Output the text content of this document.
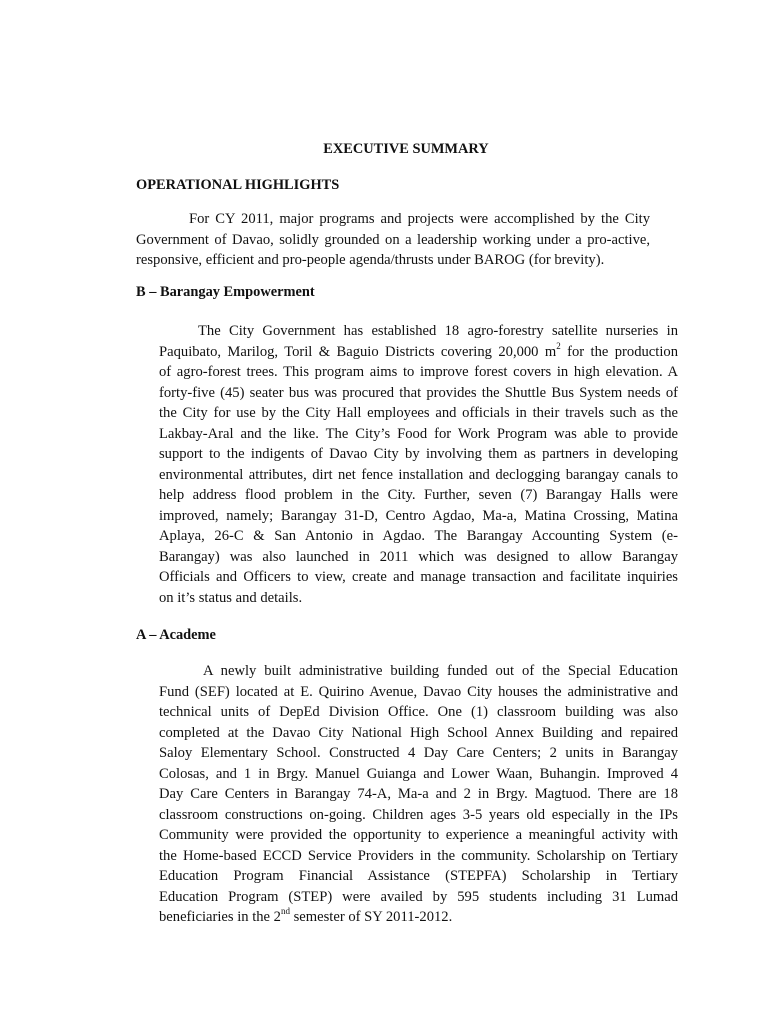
EXECUTIVE SUMMARY
OPERATIONAL HIGHLIGHTS
For CY 2011, major programs and projects were accomplished by the City
Government of Davao, solidly grounded on a leadership working under a pro-active,
responsive, efficient and pro-people agenda/thrusts under BAROG (for brevity).
B – Barangay Empowerment
The City Government has established 18 agro-forestry satellite nurseries in
Paquibato, Marilog, Toril & Baguio Districts covering 20,000 $m^2$ for the production
of agro-forest trees. This program aims to improve forest covers in high elevation. A
forty-five (45) seater bus was procured that provides the Shuttle Bus System needs of
the City for use by the City Hall employees and officials in their travels such as the
Lakbay-Aral and the like. The City’s Food for Work Program was able to provide
support to the indigents of Davao City by involving them as partners in developing
environmental attributes, dirt net fence installation and declogging barangay canals to
help address flood problem in the City. Further, seven (7) Barangay Halls were
improved, namely; Barangay 31-D, Centro Agdao, Ma-a, Matina Crossing, Matina
Aplaya, 26-C & San Antonio in Agdao. The Barangay Accounting System (e-
Barangay) was also launched in 2011 which was designed to allow Barangay
Officials and Officers to view, create and manage transaction and facilitate inquiries
on it’s status and details.
A – Academe
A newly built administrative building funded out of the Special Education
Fund (SEF) located at E. Quirino Avenue, Davao City houses the administrative and
technical units of DepEd Division Office. One (1) classroom building was also
completed at the Davao City National High School Annex Building and repaired
Saloy Elementary School. Constructed 4 Day Care Centers; 2 units in Barangay
Colosas, and 1 in Brgy. Manuel Guianga and Lower Waan, Buhangin. Improved 4
Day Care Centers in Barangay 74-A, Ma-a and 2 in Brgy. Magtuod. There are 18
classroom constructions on-going. Children ages 3-5 years old especially in the IPs
Community were provided the opportunity to experience a meaningful activity with
the Home-based ECCD Service Providers in the community. Scholarship on Tertiary
Education Program Financial Assistance (STEPFA) Scholarship in Tertiary
Education Program (STEP) were availed by 595 students including 31 Lumad
beneficiaries in the 2nd semester of SY 2011-2012.
